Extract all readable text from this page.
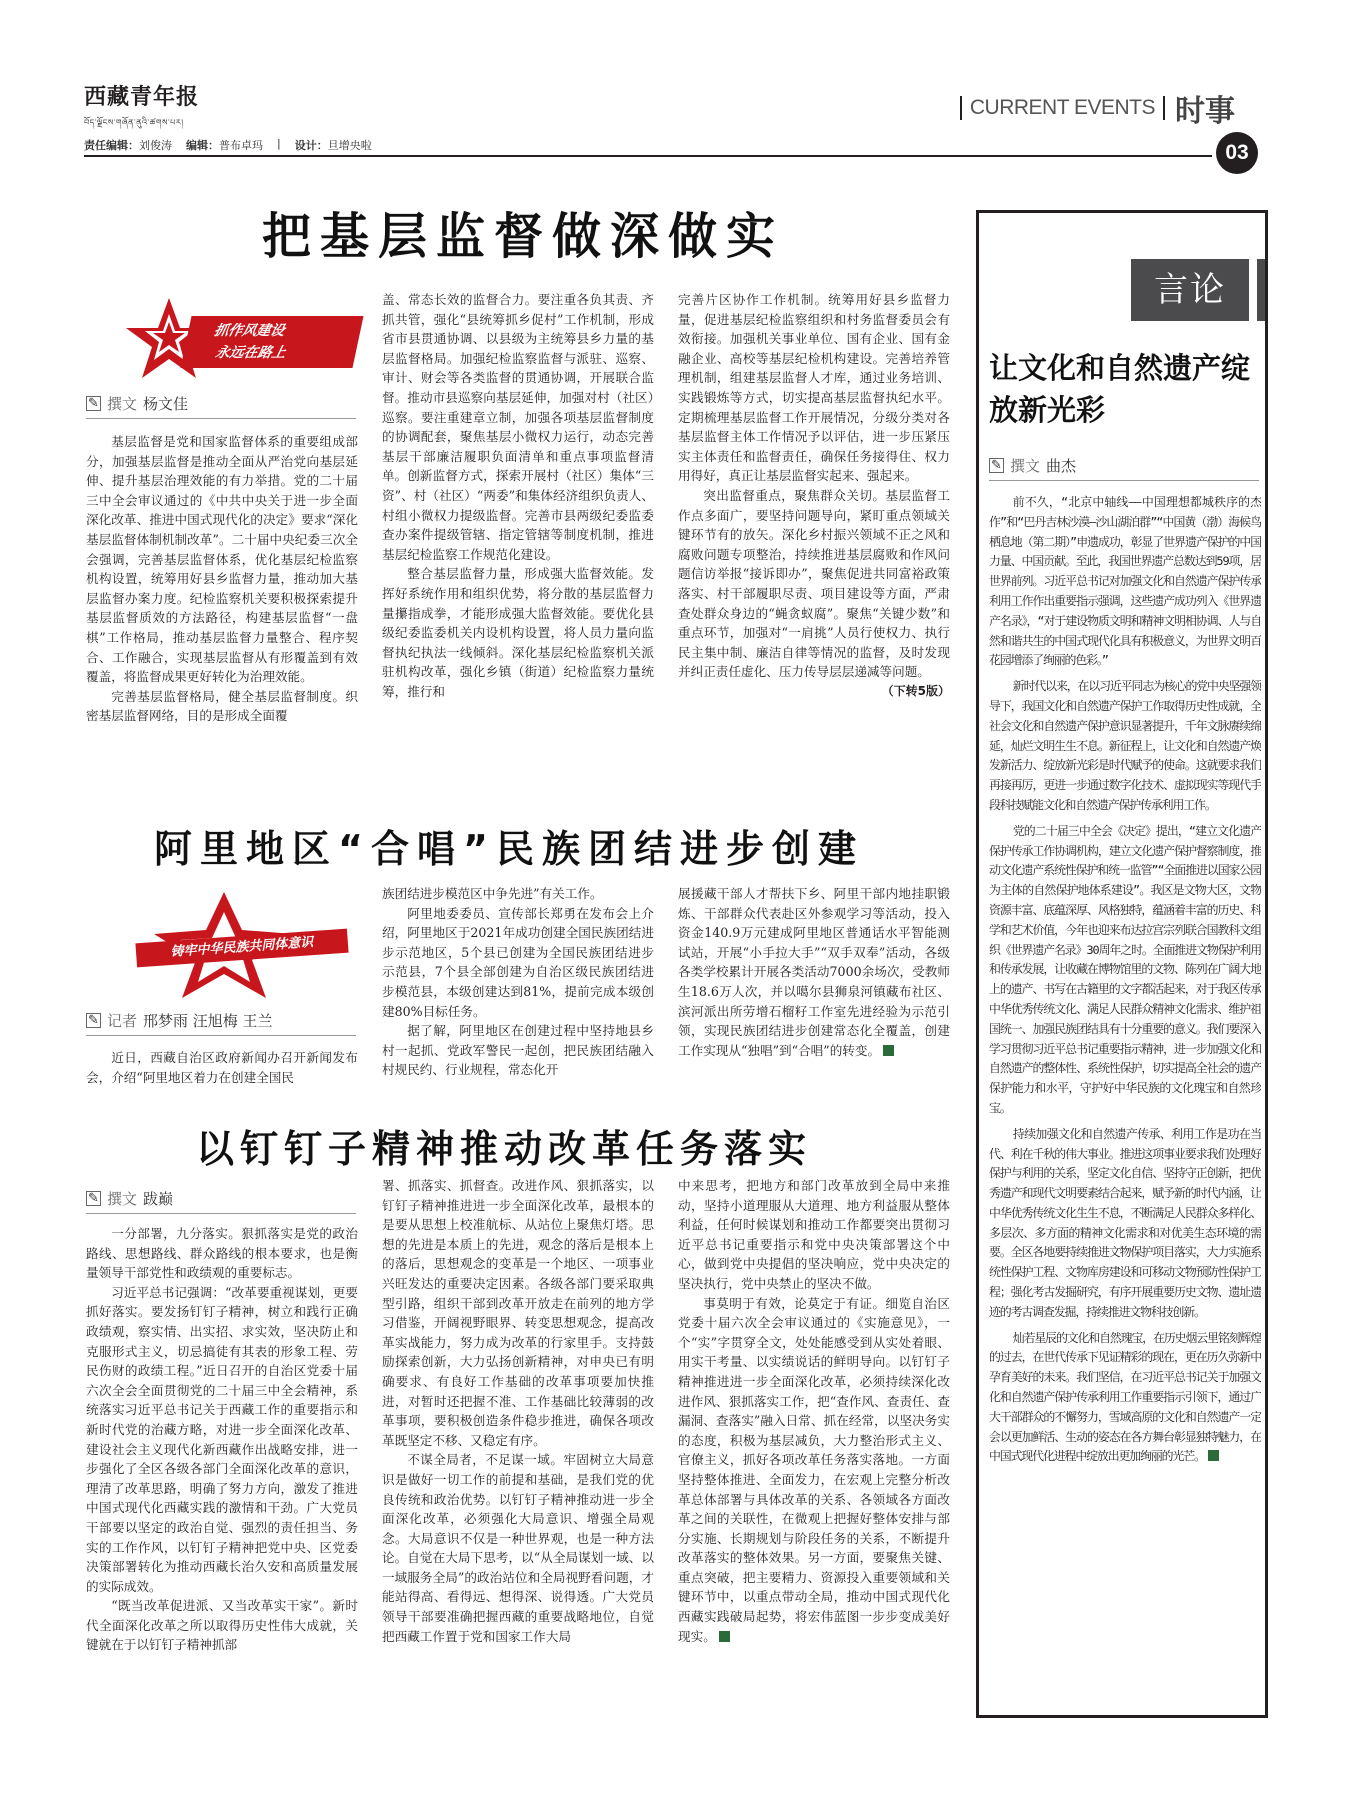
西藏青年报
བོད་ལྗོངས་གཞོན་ནུའི་ཚགས་པར།
CURRENT EVENTS 时事
责任编辑：刘俊涛 编辑：普布卓玛 | 设计：旦增央啦	03
把基层监督做深做实
抓作风建设
永远在路上
✎ 撰文 杨文佳

基层监督是党和国家监督体系的重要组成部分，加强基层监督是推动全面从严治党向基层延伸、提升基层治理效能的有力举措。党的二十届三中全会审议通过的《中共中央关于进一步全面深化改革、推进中国式现代化的决定》要求“深化基层监督体制机制改革”。二十届中央纪委三次全会强调，完善基层监督体系，优化基层纪检监察机构设置，统筹用好县乡监督力量，推动加大基层监督办案力度。纪检监察机关要积极探索提升基层监督质效的方法路径，构建基层监督“一盘棋”工作格局，推动基层监督力量整合、程序契合、工作融合，实现基层监督从有形覆盖到有效覆盖，将监督成果更好转化为治理效能。

完善基层监督格局，健全基层监督制度。织密基层监督网络，目的是形成全面覆

盖、常态长效的监督合力。要注重各负其责、齐抓共管，强化“县统筹抓乡促村”工作机制，形成省市县贯通协调、以县级为主统筹县乡力量的基层监督格局。加强纪检监察监督与派驻、巡察、审计、财会等各类监督的贯通协调，开展联合监督。推动市县巡察向基层延伸，加强对村（社区）巡察。要注重建章立制，加强各项基层监督制度的协调配套，聚焦基层小微权力运行，动态完善基层干部廉洁履职负面清单和重点事项监督清单。创新监督方式，探索开展村（社区）集体“三资”、村（社区）“两委”和集体经济组织负责人、村组小微权力提级监督。完善市县两级纪委监委查办案件提级管辖、指定管辖等制度机制，推进基层纪检监察工作规范化建设。

整合基层监督力量，形成强大监督效能。发挥好系统作用和组织优势，将分散的基层监督力量攥指成拳，才能形成强大监督效能。要优化县级纪委监委机关内设机构设置，将人员力量向监督执纪执法一线倾斜。深化基层纪检监察机关派驻机构改革，强化乡镇（街道）纪检监察力量统筹，推行和

完善片区协作工作机制。统筹用好县乡监督力量，促进基层纪检监察组织和村务监督委员会有效衔接。加强机关事业单位、国有企业、国有金融企业、高校等基层纪检机构建设。完善培养管理机制，组建基层监督人才库，通过业务培训、实践锻炼等方式，切实提高基层监督执纪水平。定期梳理基层监督工作开展情况，分级分类对各基层监督主体工作情况予以评估，进一步压紧压实主体责任和监督责任，确保任务接得住、权力用得好，真正让基层监督实起来、强起来。

突出监督重点，聚焦群众关切。基层监督工作点多面广，要坚持问题导向，紧盯重点领域关键环节有的放矢。深化乡村振兴领域不正之风和腐败问题专项整治，持续推进基层腐败和作风问题信访举报“接诉即办”，聚焦促进共同富裕政策落实、村干部履职尽责、项目建设等方面，严肃查处群众身边的“蝇贪蚁腐”。聚焦“关键少数”和重点环节，加强对“一肩挑”人员行使权力、执行民主集中制、廉洁自律等情况的监督，及时发现并纠正责任虚化、压力传导层层递减等问题。

（下转5版）
阿里地区“合唱”民族团结进步创建
铸牢中华民族共同体意识
✎ 记者 邢梦雨 汪旭梅 王兰

近日，西藏自治区政府新闻办召开新闻发布会，介绍“阿里地区着力在创建全国民

族团结进步模范区中争先进”有关工作。

阿里地委委员、宣传部长郑勇在发布会上介绍，阿里地区于2021年成功创建全国民族团结进步示范地区，5个县已创建为全国民族团结进步示范县，7个县全部创建为自治区级民族团结进步模范县，本级创建达到81%，提前完成本级创建80%目标任务。

据了解，阿里地区在创建过程中坚持地县乡村一起抓、党政军警民一起创，把民族团结融入村规民约、行业规程，常态化开

展援藏干部人才帮扶下乡、阿里干部内地挂职锻炼、干部群众代表赴区外参观学习等活动，投入资金140.9万元建成阿里地区普通话水平智能测试站，开展“小手拉大手”“双手双奉”活动，各级各类学校累计开展各类活动7000余场次，受教师生18.6万人次，并以噶尔县狮泉河镇藏布社区、滨河派出所劳增石榴籽工作室先进经验为示范引领，实现民族团结进步创建常态化全覆盖，创建工作实现从“独唱”到“合唱”的转变。

以钉钉子精神推动改革任务落实
✎ 撰文 跋巅

一分部署，九分落实。狠抓落实是党的政治路线、思想路线、群众路线的根本要求，也是衡量领导干部党性和政绩观的重要标志。

习近平总书记强调：“改革要重视谋划，更要抓好落实。要发扬钉钉子精神，树立和践行正确政绩观，察实情、出实招、求实效，坚决防止和克服形式主义，切忌搞徒有其表的形象工程、劳民伤财的政绩工程。”近日召开的自治区党委十届六次全会全面贯彻党的二十届三中全会精神，系统落实习近平总书记关于西藏工作的重要指示和新时代党的治藏方略，对进一步全面深化改革、建设社会主义现代化新西藏作出战略安排，进一步强化了全区各级各部门全面深化改革的意识，理清了改革思路，明确了努力方向，激发了推进中国式现代化西藏实践的激情和干劲。广大党员干部要以坚定的政治自觉、强烈的责任担当、务实的工作作风，以钉钉子精神把党中央、区党委决策部署转化为推动西藏长治久安和高质量发展的实际成效。

“既当改革促进派、又当改革实干家”。新时代全面深化改革之所以取得历史性伟大成就，关键就在于以钉钉子精神抓部

署、抓落实、抓督查。改进作风、狠抓落实，以钉钉子精神推进进一步全面深化改革，最根本的是要从思想上校准航标、从站位上聚焦灯塔。思想的先进是本质上的先进，观念的落后是根本上的落后，思想观念的变革是一个地区、一项事业兴旺发达的重要决定因素。各级各部门要采取典型引路，组织干部到改革开放走在前列的地方学习借鉴，开阔视野眼界、转变思想观念，提高改革实战能力，努力成为改革的行家里手。支持鼓励探索创新，大力弘扬创新精神，对申央已有明确要求、有良好工作基础的改革事项要加快推进，对暂时还把握不准、工作基础比较薄弱的改革事项，要积极创造条件稳步推进，确保各项改革既坚定不移、又稳定有序。

不谋全局者，不足谋一域。牢固树立大局意识是做好一切工作的前提和基础，是我们党的优良传统和政治优势。以钉钉子精神推动进一步全面深化改革，必须强化大局意识、增强全局观念。大局意识不仅是一种世界观，也是一种方法论。自觉在大局下思考，以“从全局谋划一域、以一域服务全局”的政治站位和全局视野看问题，才能站得高、看得远、想得深、说得透。广大党员领导干部要准确把握西藏的重要战略地位，自觉把西藏工作置于党和国家工作大局

中来思考，把地方和部门改革放到全局中来推动，坚持小道理服从大道理、地方利益服从整体利益，任何时候谋划和推动工作都要突出贯彻习近平总书记重要指示和党中央决策部署这个中心，做到党中央提倡的坚决响应，党中央决定的坚决执行，党中央禁止的坚决不做。

事莫明于有效，论莫定于有证。细览自治区党委十届六次全会审议通过的《实施意见》，一个“实”字贯穿全文，处处能感受到从实处着眼、用实干考量、以实绩说话的鲜明导向。以钉钉子精神推进进一步全面深化改革，必须持续深化改进作风、狠抓落实工作，把“查作风、查责任、查漏洞、查落实”融入日常、抓在经常，以坚决务实的态度，积极为基层减负，大力整治形式主义、官僚主义，抓好各项改革任务落实落地。一方面坚持整体推进、全面发力，在宏观上完整分析改革总体部署与具体改革的关系、各领域各方面改革之间的关联性，在微观上把握好整体安排与部分实施、长期规划与阶段任务的关系，不断提升改革落实的整体效果。另一方面，要聚焦关键、重点突破，把主要精力、资源投入重要领域和关键环节中，以重点带动全局，推动中国式现代化西藏实践破局起势，将宏伟蓝图一步步变成美好现实。

言论
让文化和自然遗产绽放新光彩
✎ 撰文 曲杰

前不久，“北京中轴线——中国理想都城秩序的杰作”和“巴丹吉林沙漠—沙山湖泊群”“中国黄（渤）海候鸟栖息地（第二期）”申遗成功，彰显了世界遗产保护的中国力量、中国贡献。至此，我国世界遗产总数达到59项，居世界前列。习近平总书记对加强文化和自然遗产保护传承利用工作作出重要指示强调，这些遗产成功列入《世界遗产名录》，“对于建设物质文明和精神文明相协调、人与自然和谐共生的中国式现代化具有积极意义，为世界文明百花园增添了绚丽的色彩。”

新时代以来，在以习近平同志为核心的党中央坚强领导下，我国文化和自然遗产保护工作取得历史性成就，全社会文化和自然遗产保护意识显著提升，千年文脉赓续绵延，灿烂文明生生不息。新征程上，让文化和自然遗产焕发新活力、绽放新光彩是时代赋予的使命。这就要求我们再接再厉，更进一步通过数字化技术、虚拟现实等现代手段科技赋能文化和自然遗产保护传承利用工作。

党的二十届三中全会《决定》提出，“建立文化遗产保护传承工作协调机构，建立文化遗产保护督察制度，推动文化遗产系统性保护和统一监管”“全面推进以国家公园为主体的自然保护地体系建设”。我区是文物大区，文物资源丰富、底蕴深厚、风格独特，蕴涵着丰富的历史、科学和艺术价值，今年也迎来布达拉宫宗列联合国教科文组织《世界遗产名录》30周年之时。全面推进文物保护利用和传承发展，让收藏在博物馆里的文物、陈列在广阔大地上的遗产、书写在古籍里的文字都活起来，对于我区传承中华优秀传统文化、满足人民群众精神文化需求、维护祖国统一、加强民族团结具有十分重要的意义。我们要深入学习贯彻习近平总书记重要指示精神，进一步加强文化和自然遗产的整体性、系统性保护，切实提高全社会的遗产保护能力和水平，守护好中华民族的文化瑰宝和自然珍宝。

持续加强文化和自然遗产传承、利用工作是功在当代、利在千秋的伟大事业。推进这项事业要求我们处理好保护与利用的关系，坚定文化自信、坚持守正创新，把优秀遗产和现代文明要素结合起来，赋予新的时代内涵，让中华优秀传统文化生生不息，不断满足人民群众多样化、多层次、多方面的精神文化需求和对优美生态环境的需要。全区各地要持续推进文物保护项目落实，大力实施系统性保护工程、文物库房建设和可移动文物预防性保护工程；强化考古发掘研究，有序开展重要历史文物、遗址遗迹的考古调查发掘，持续推进文物科技创新。

灿若星辰的文化和自然瑰宝，在历史烟云里铭刻辉煌的过去，在世代传承下见证精彩的现在，更在历久弥新中孕育美好的未来。我们坚信，在习近平总书记关于加强文化和自然遗产保护传承利用工作重要指示引领下，通过广大干部群众的不懈努力，雪域高原的文化和自然遗产一定会以更加鲜活、生动的姿态在各方舞台彰显独特魅力，在中国式现代化进程中绽放出更加绚丽的光芒。
